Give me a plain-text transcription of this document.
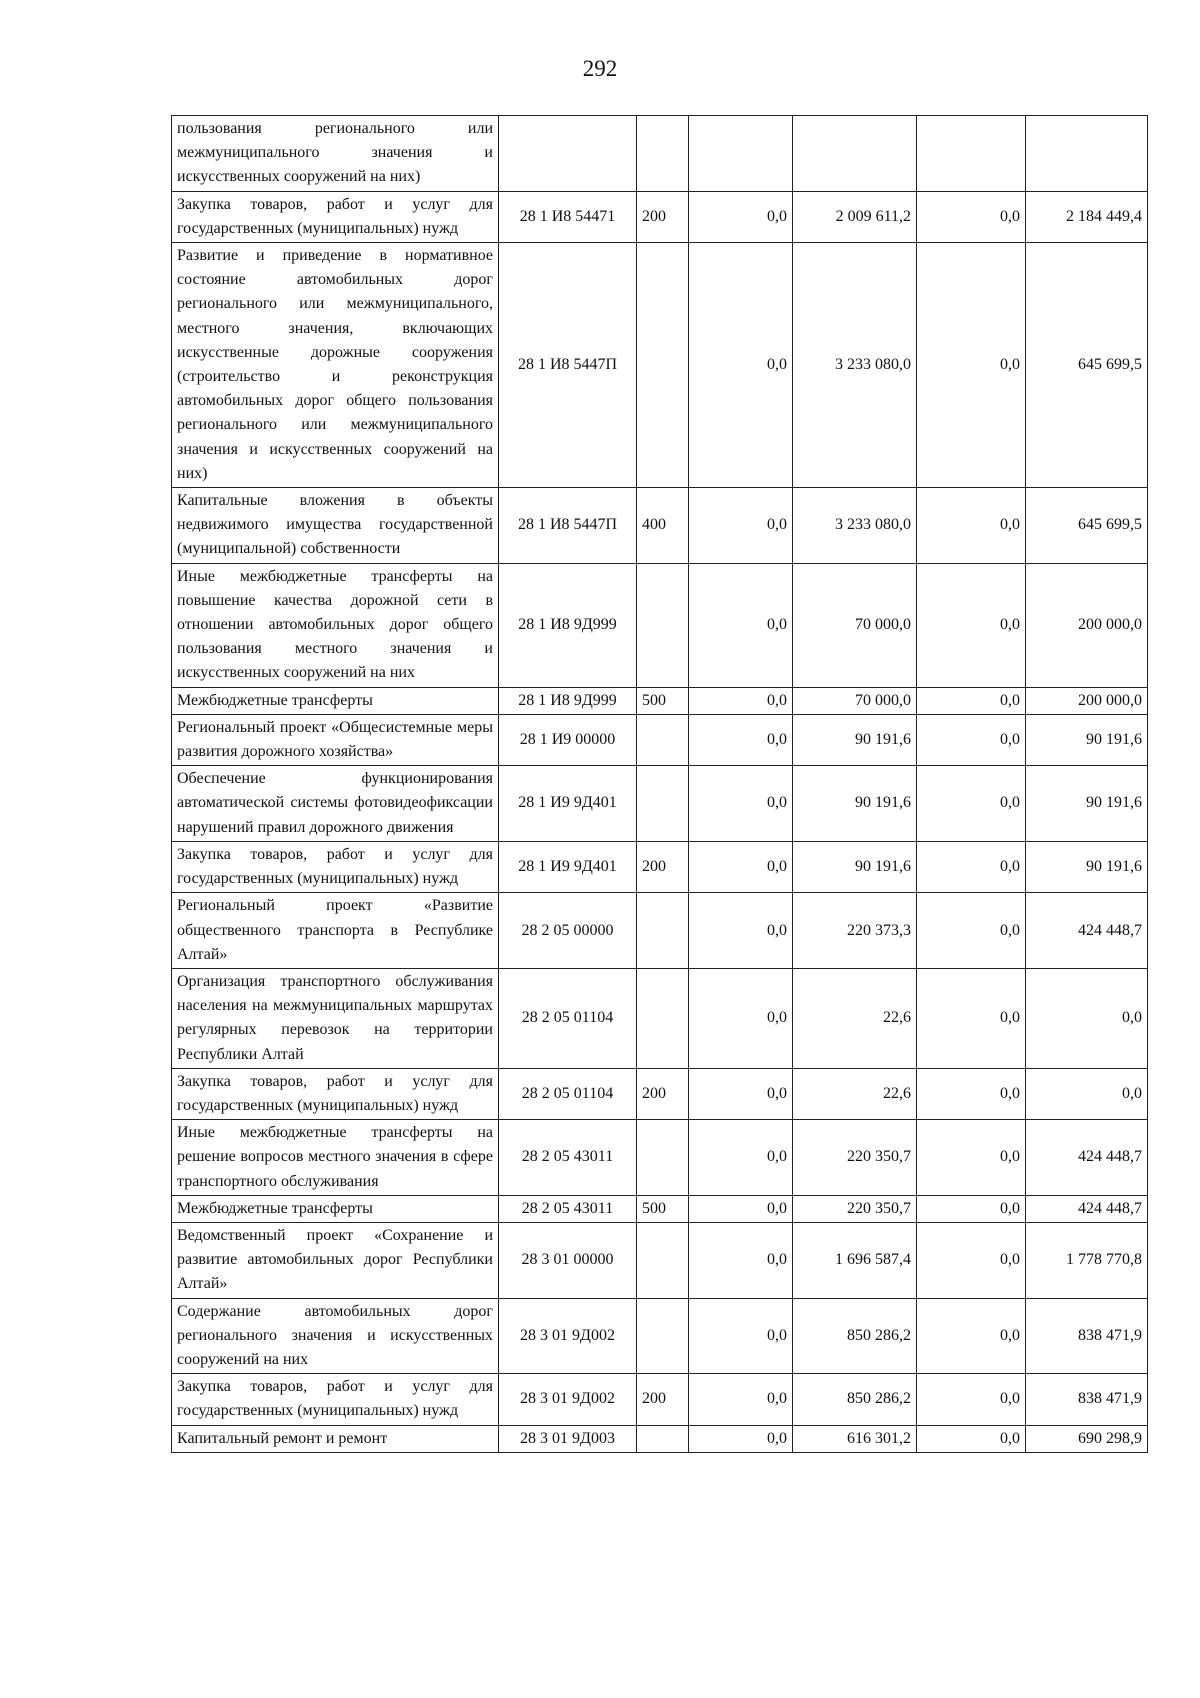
292
пользования регионального или межмуниципального значения и искусственных сооружений на них)						
Закупка товаров, работ и услуг для государственных (муниципальных) нужд	28 1 И8 54471	200	0,0	2 009 611,2	0,0	2 184 449,4
Развитие и приведение в нормативное состояние автомобильных дорог регионального или межмуниципального, местного значения, включающих искусственные дорожные сооружения (строительство и реконструкция автомобильных дорог общего пользования регионального или межмуниципального значения и искусственных сооружений на них)	28 1 И8 5447П		0,0	3 233 080,0	0,0	645 699,5
Капитальные вложения в объекты недвижимого имущества государственной (муниципальной) собственности	28 1 И8 5447П	400	0,0	3 233 080,0	0,0	645 699,5
Иные межбюджетные трансферты на повышение качества дорожной сети в отношении автомобильных дорог общего пользования местного значения и искусственных сооружений на них	28 1 И8 9Д999		0,0	70 000,0	0,0	200 000,0
Межбюджетные трансферты	28 1 И8 9Д999	500	0,0	70 000,0	0,0	200 000,0
Региональный проект «Общесистемные меры развития дорожного хозяйства»	28 1 И9 00000		0,0	90 191,6	0,0	90 191,6
Обеспечение функционирования автоматической системы фотовидеофиксации нарушений правил дорожного движения	28 1 И9 9Д401		0,0	90 191,6	0,0	90 191,6
Закупка товаров, работ и услуг для государственных (муниципальных) нужд	28 1 И9 9Д401	200	0,0	90 191,6	0,0	90 191,6
Региональный проект «Развитие общественного транспорта в Республике Алтай»	28 2 05 00000		0,0	220 373,3	0,0	424 448,7
Организация транспортного обслуживания населения на межмуниципальных маршрутах регулярных перевозок на территории Республики Алтай	28 2 05 01104		0,0	22,6	0,0	0,0
Закупка товаров, работ и услуг для государственных (муниципальных) нужд	28 2 05 01104	200	0,0	22,6	0,0	0,0
Иные межбюджетные трансферты на решение вопросов местного значения в сфере транспортного обслуживания	28 2 05 43011		0,0	220 350,7	0,0	424 448,7
Межбюджетные трансферты	28 2 05 43011	500	0,0	220 350,7	0,0	424 448,7
Ведомственный проект «Сохранение и развитие автомобильных дорог Республики Алтай»	28 3 01 00000		0,0	1 696 587,4	0,0	1 778 770,8
Содержание автомобильных дорог регионального значения и искусственных сооружений на них	28 3 01 9Д002		0,0	850 286,2	0,0	838 471,9
Закупка товаров, работ и услуг для государственных (муниципальных) нужд	28 3 01 9Д002	200	0,0	850 286,2	0,0	838 471,9
Капитальный ремонт и ремонт	28 3 01 9Д003		0,0	616 301,2	0,0	690 298,9
